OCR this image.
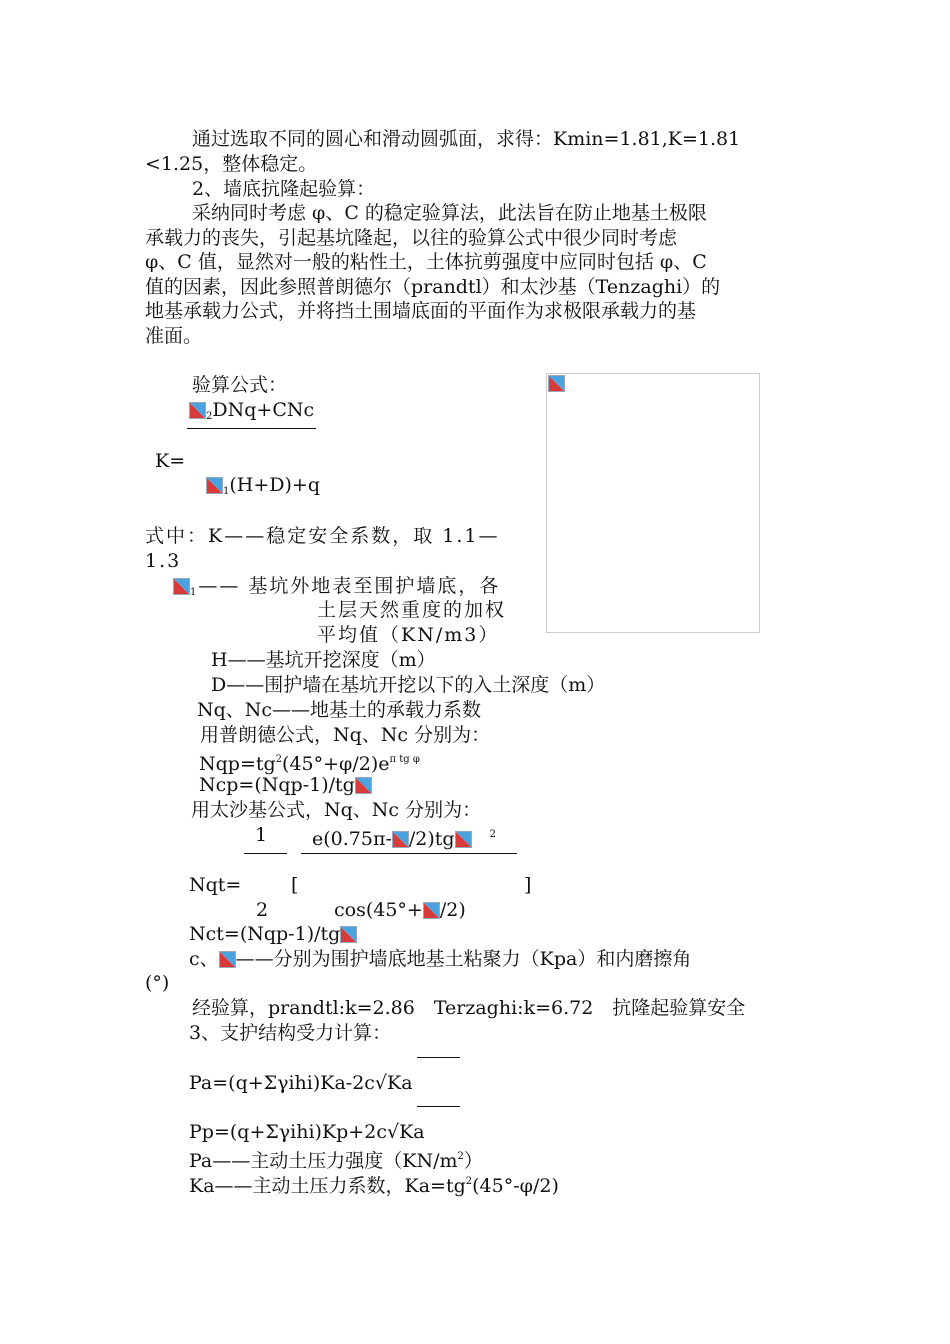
通过选取不同的圆心和滑动圆弧面，求得：Kmin=1.81,K=1.81
<1.25，整体稳定。
2、墙底抗隆起验算：
采纳同时考虑 φ、C 的稳定验算法，此法旨在防止地基土极限
承载力的丧失，引起基坑隆起，以往的验算公式中很少同时考虑
φ、C 值，显然对一般的粘性土，土体抗剪强度中应同时包括 φ、C
值的因素，因此参照普朗德尔（prandtl）和太沙基（Tenzaghi）的
地基承载力公式，并将挡土围墙底面的平面作为求极限承载力的基
准面。
验算公式：
$_2$DNq+CNc
K=
$_1$(H+D)+q
式中：K——稳定安全系数，取 1.1—
1.3
$_1$—— 基坑外地表至围护墙底，各
土层天然重度的加权
平均值（KN/m3）
H——基坑开挖深度（m）
D——围护墙在基坑开挖以下的入土深度（m）
Nq、Nc——地基土的承载力系数
用普朗德公式，Nq、Nc 分别为：
$Nqp=tg^2(45^\circ+\varphi/2)e^{\pi tg \varphi}$
Ncp=(Nqp-1)/tg
用太沙基公式，Nq、Nc 分别为：
1 e(0.75π- /2)tg	$^2$
Nqt=	[	]
2	cos(45°+ /2)
Nct=(Nqp-1)/tg
c、 ——分别为围护墙底地基土粘聚力（Kpa）和内磨擦角
(°)
经验算，prandtl:k=2.86　Terzaghi:k=6.72　抗隆起验算安全
3、支护结构受力计算：
Pa=(q+Σγihi)Ka-2c√Ka
Pp=(q+Σγihi)Kp+2c√Ka
Pa——主动土压力强度$(KN/m^2)$
Ka——主动土压力系数，$Ka=tg^2(45^\circ-\varphi/2)$
